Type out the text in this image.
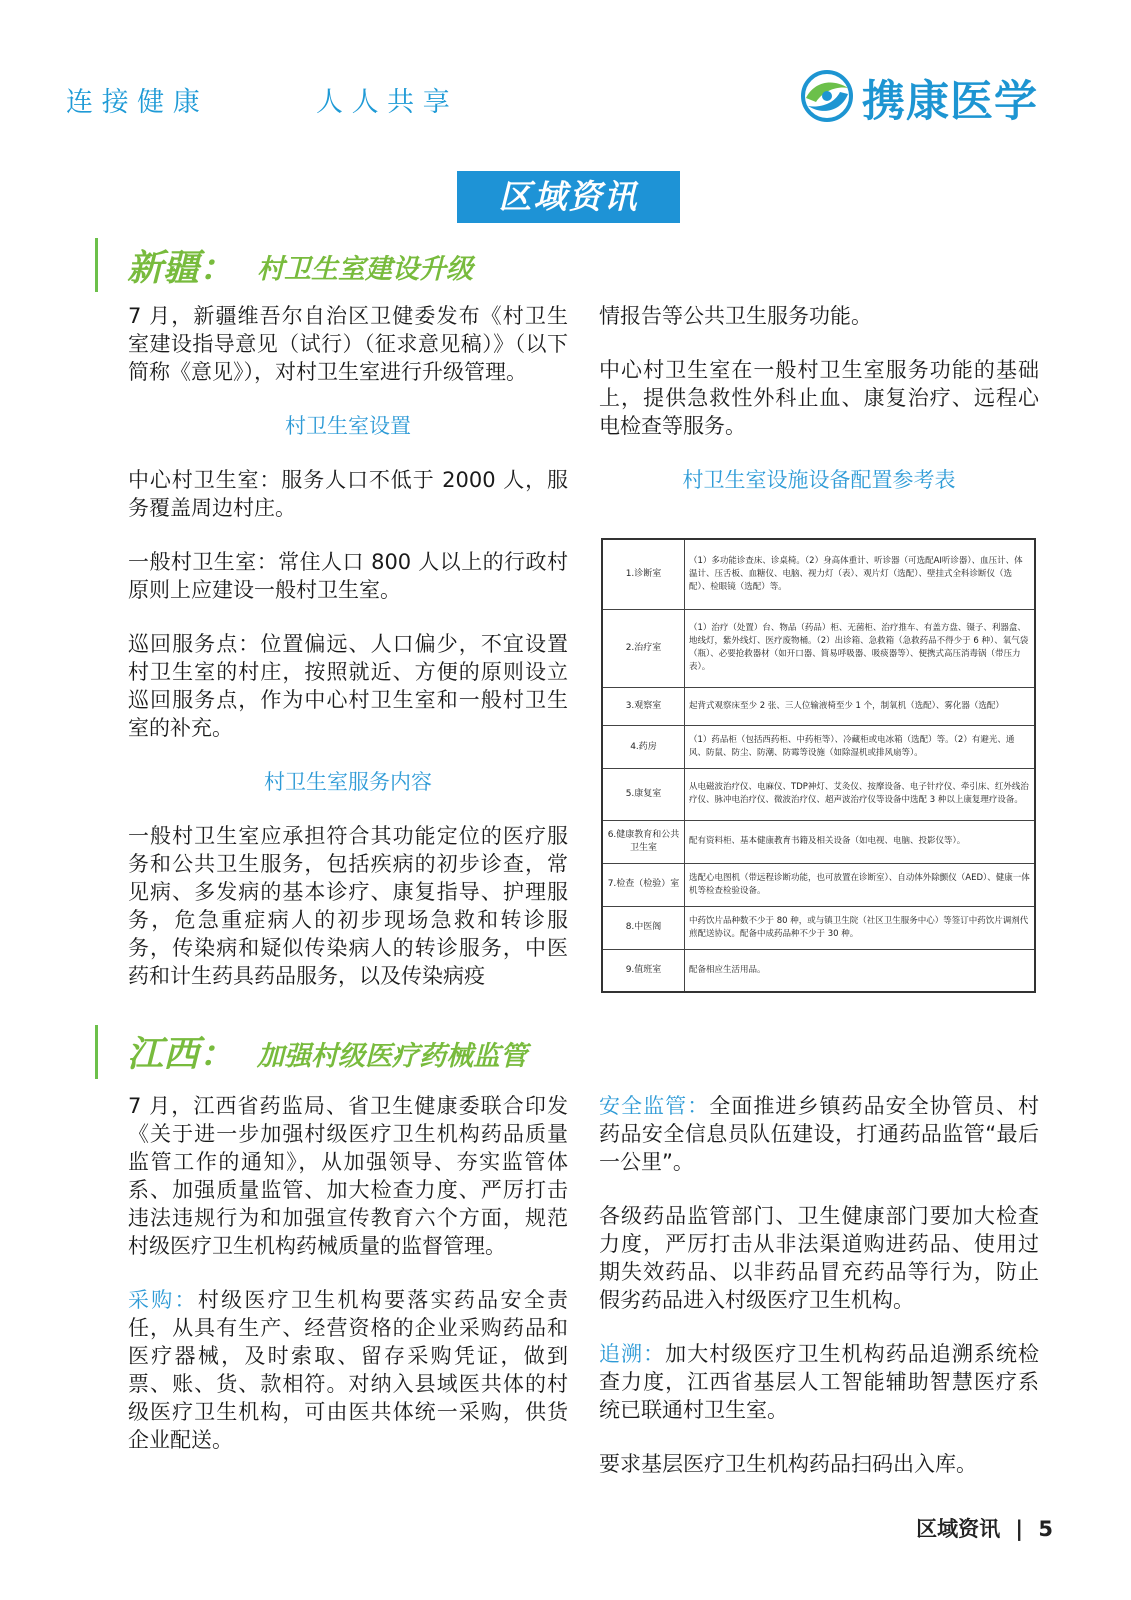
连 接 健 康	人 人 共 享	携康医学
区域资讯
新疆： 村卫生室建设升级

7 月，新疆维吾尔自治区卫健委发布《村卫生室建设指导意见（试行）（征求意见稿）》（以下简称《意见》），对村卫生室进行升级管理。

村卫生室设置

中心村卫生室：服务人口不低于 2000 人，服务覆盖周边村庄。

一般村卫生室：常住人口 800 人以上的行政村原则上应建设一般村卫生室。

巡回服务点：位置偏远、人口偏少，不宜设置村卫生室的村庄，按照就近、方便的原则设立巡回服务点，作为中心村卫生室和一般村卫生室的补充。

村卫生室服务内容

一般村卫生室应承担符合其功能定位的医疗服务和公共卫生服务，包括疾病的初步诊查，常见病、多发病的基本诊疗、康复指导、护理服务，危急重症病人的初步现场急救和转诊服务，传染病和疑似传染病人的转诊服务，中医药和计生药具药品服务，以及传染病疫

情报告等公共卫生服务功能。

中心村卫生室在一般村卫生室服务功能的基础上，提供急救性外科止血、康复治疗、远程心电检查等服务。

村卫生室设施设备配置参考表

1.诊断室	（1）多功能诊查床、诊桌椅。（2）身高体重计、听诊器（可选配AI听诊器）、血压计、体温计、压舌板、血糖仪、电脑、视力灯（表）、观片灯（选配）、壁挂式全科诊断仪（选配）、检眼镜（选配）等。
2.治疗室	（1）治疗（处置）台、物品（药品）柜、无菌柜、治疗推车、有盖方盘、镊子、利器盒、地线灯，紫外线灯、医疗废物桶。（2）出诊箱、急救箱（急救药品不得少于 6 种）、氧气袋（瓶）、必要抢救器材（如开口器、简易呼吸器、吸痰器等）、便携式高压消毒锅（带压力表）。
3.观察室	起背式观察床至少 2 张、三人位输液椅至少 1 个，制氧机（选配）、雾化器（选配）
4.药房	（1）药品柜（包括西药柜、中药柜等）、冷藏柜或电冰箱（选配）等。（2）有避光、通风、防鼠、防尘、防潮、防霉等设施（如除湿机或排风扇等）。
5.康复室	从电磁波治疗仪、电麻仪、TDP神灯、艾灸仪、按摩设备、电子针疗仪、牵引床、红外线治疗仪、脉冲电治疗仪、微波治疗仪、超声波治疗仪等设备中选配 3 种以上康复理疗设备。
6.健康教育和公共卫生室	配有资料柜、基本健康教育书籍及相关设备（如电视、电脑、投影仪等）。
7.检查（检验）室	选配心电图机（带远程诊断功能，也可放置在诊断室）、自动体外除颤仪（AED）、健康一体机等检查检验设备。
8.中医阁	中药饮片品种数不少于 80 种，或与镇卫生院（社区卫生服务中心）等签订中药饮片调剂代煎配送协议。配备中成药品种不少于 30 种。
9.值班室	配备相应生活用品。
江西： 加强村级医疗药械监管

7 月，江西省药监局、省卫生健康委联合印发《关于进一步加强村级医疗卫生机构药品质量监管工作的通知》，从加强领导、夯实监管体系、加强质量监管、加大检查力度、严厉打击违法违规行为和加强宣传教育六个方面，规范村级医疗卫生机构药械质量的监督管理。

采购：村级医疗卫生机构要落实药品安全责任，从具有生产、经营资格的企业采购药品和医疗器械，及时索取、留存采购凭证，做到票、账、货、款相符。对纳入县域医共体的村级医疗卫生机构，可由医共体统一采购，供货企业配送。

安全监管：全面推进乡镇药品安全协管员、村药品安全信息员队伍建设，打通药品监管“最后一公里”。

各级药品监管部门、卫生健康部门要加大检查力度，严厉打击从非法渠道购进药品、使用过期失效药品、以非药品冒充药品等行为，防止假劣药品进入村级医疗卫生机构。

追溯：加大村级医疗卫生机构药品追溯系统检查力度，江西省基层人工智能辅助智慧医疗系统已联通村卫生室。

要求基层医疗卫生机构药品扫码出入库。

区域资讯 | 5
